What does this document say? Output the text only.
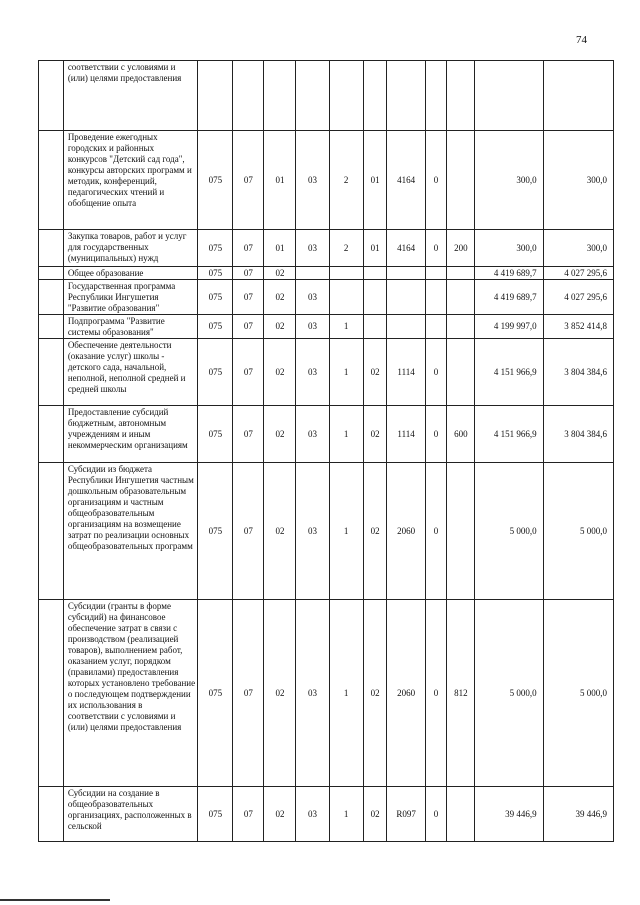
74
	соответствии с условиями и (или) целями предоставления											
	Проведение ежегодных городских и районных конкурсов "Детский сад года", конкурсы авторских программ и методик, конференций, педагогических чтений и обобщение опыта	075	07	01	03	2	01	4164	0		300,0	300,0
	Закупка товаров, работ и услуг для государственных (муниципальных) нужд	075	07	01	03	2	01	4164	0	200	300,0	300,0
	Общее образование	075	07	02							4 419 689,7	4 027 295,6
	Государственная программа Республики Ингушетия "Развитие образования"	075	07	02	03						4 419 689,7	4 027 295,6
	Подпрограмма "Развитие системы образования"	075	07	02	03	1					4 199 997,0	3 852 414,8
	Обеспечение деятельности (оказание услуг) школы - детского сада, начальной, неполной, неполной средней и средней школы	075	07	02	03	1	02	1114	0		4 151 966,9	3 804 384,6
	Предоставление субсидий бюджетным, автономным учреждениям и иным некоммерческим организациям	075	07	02	03	1	02	1114	0	600	4 151 966,9	3 804 384,6
	Субсидии из бюджета Республики Ингушетия частным дошкольным образовательным организациям и частным общеобразовательным организациям на возмещение затрат по реализации основных общеобразовательных программ	075	07	02	03	1	02	2060	0		5 000,0	5 000,0
	Субсидии (гранты в форме субсидий) на финансовое обеспечение затрат в связи с производством (реализацией товаров), выполнением работ, оказанием услуг, порядком (правилами) предоставления которых установлено требование о последующем подтверждении их использования в соответствии с условиями и (или) целями предоставления	075	07	02	03	1	02	2060	0	812	5 000,0	5 000,0
	Субсидии на создание в общеобразовательных организациях, расположенных в сельской	075	07	02	03	1	02	R097	0		39 446,9	39 446,9
